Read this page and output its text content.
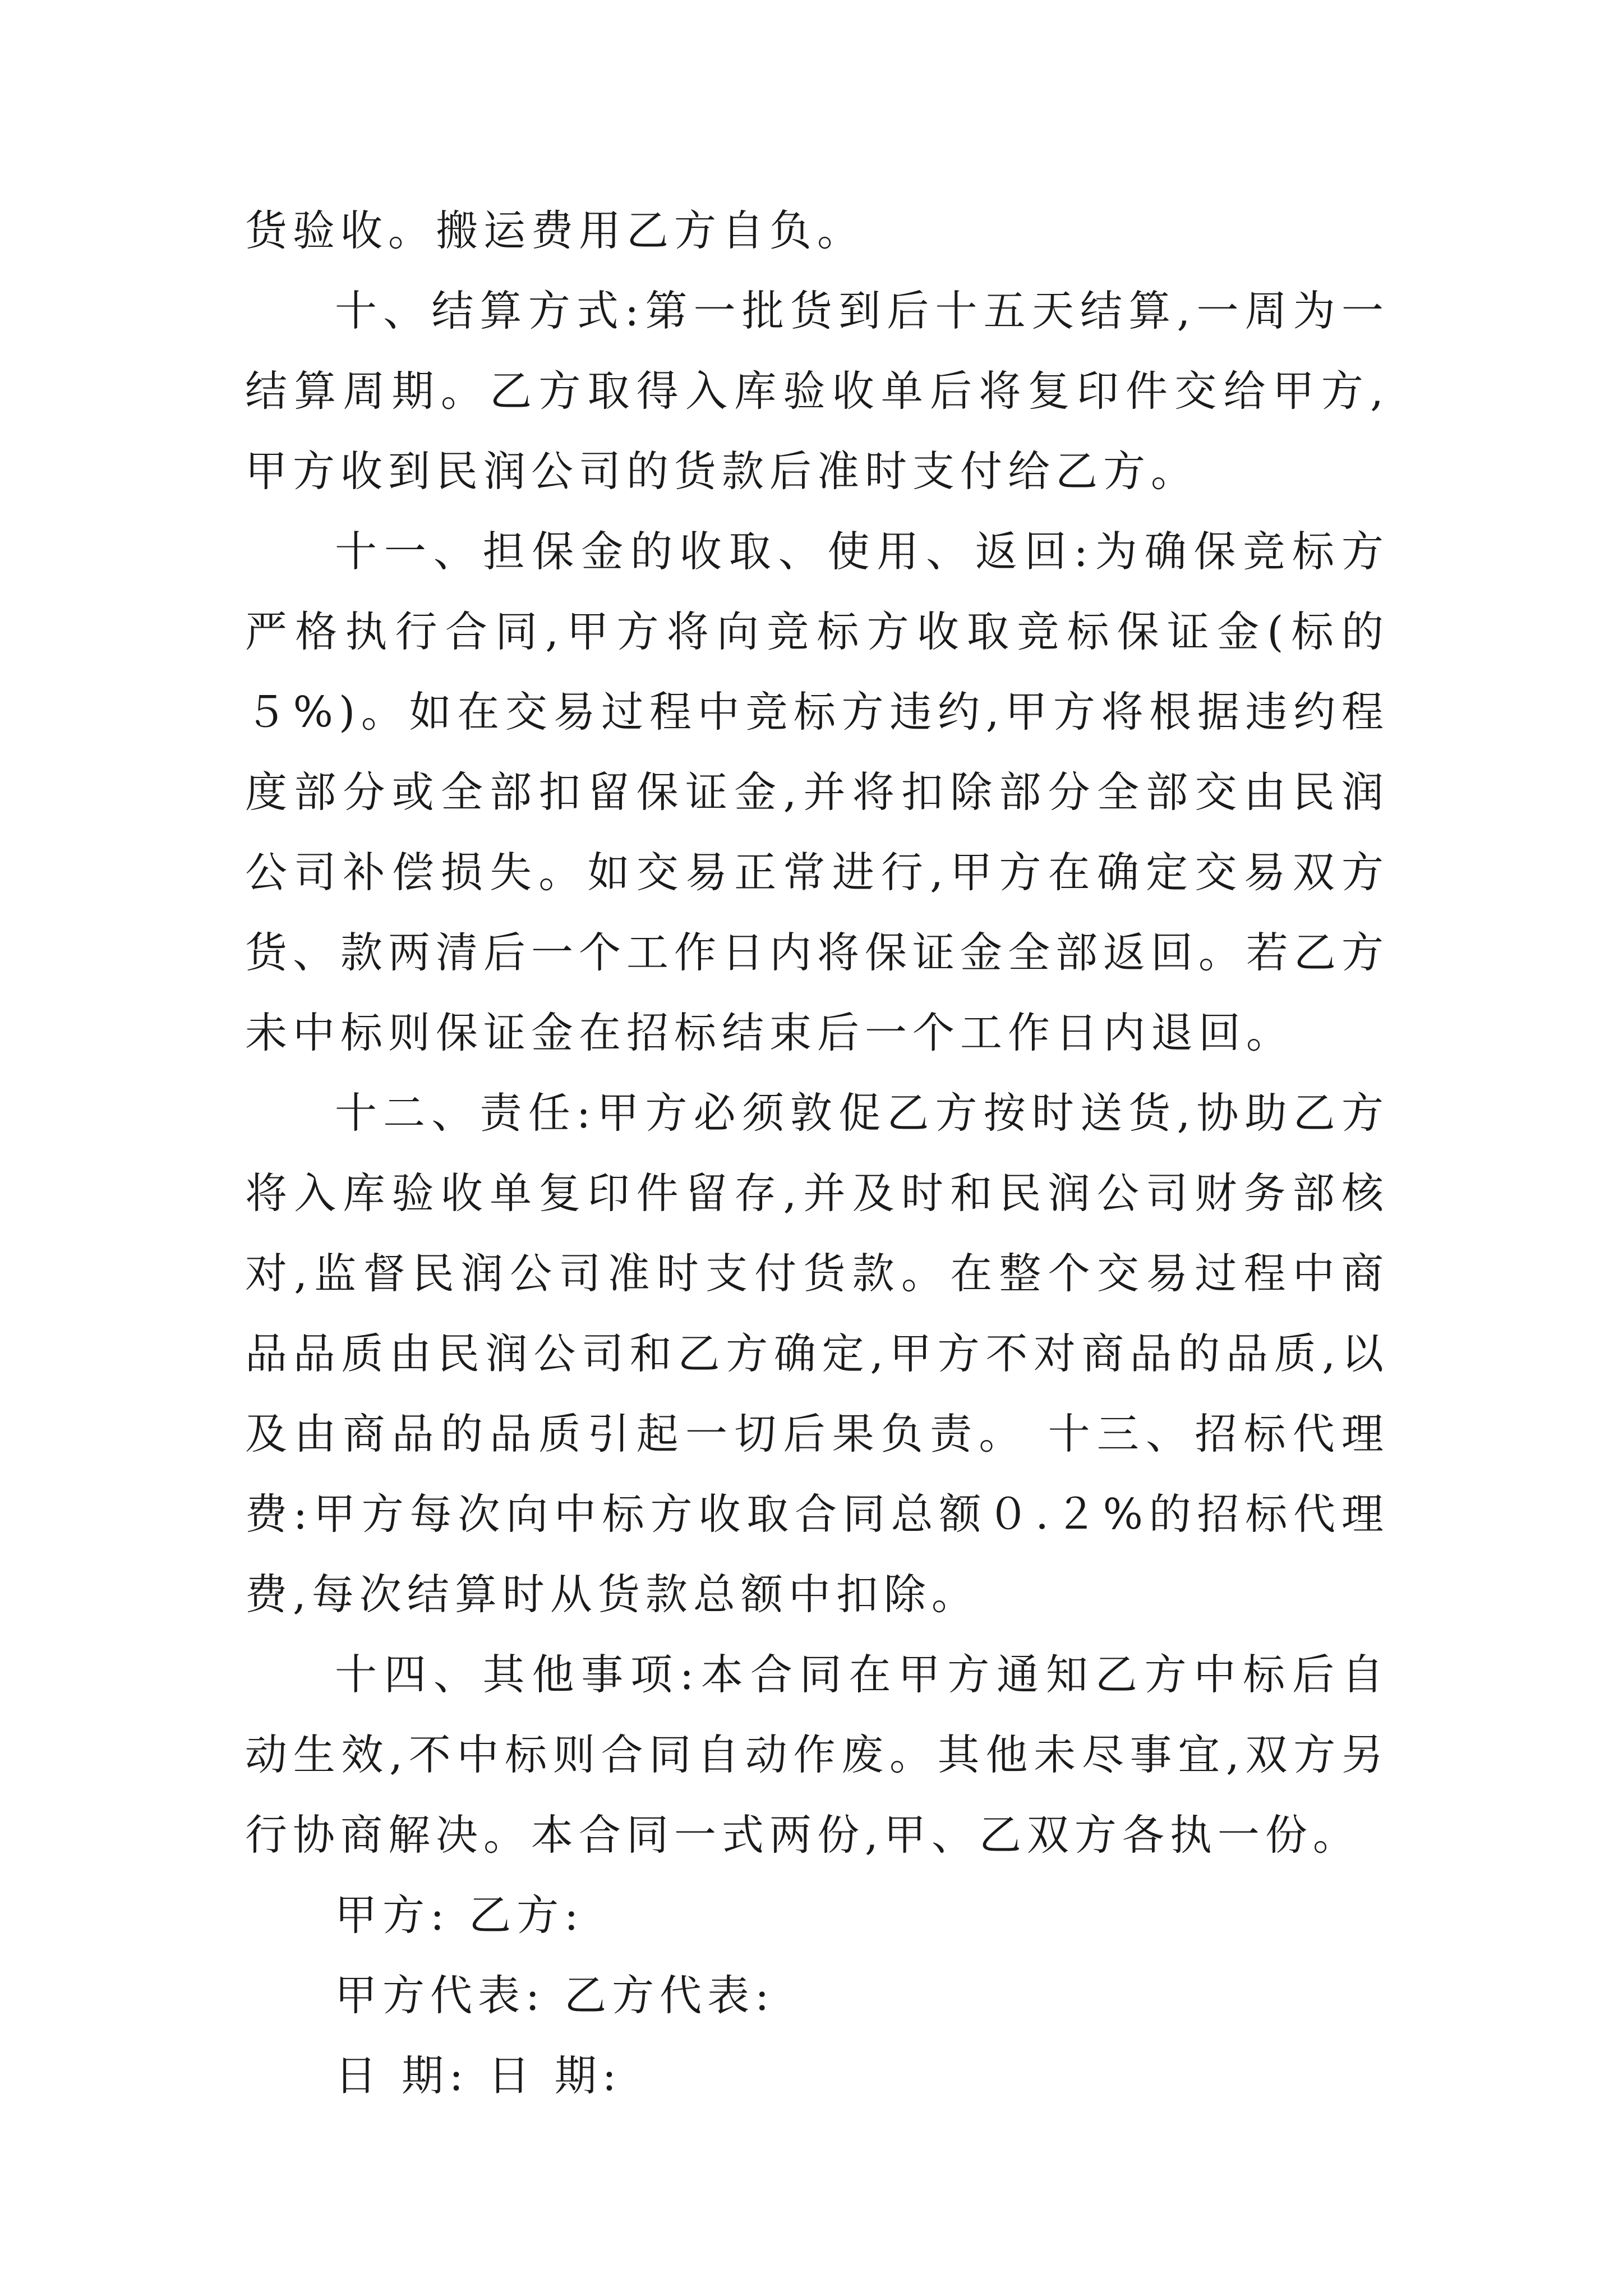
货验收。搬运费用乙方自负。

十、结算方式:第一批货到后十五天结算,一周为一结算周期。乙方取得入库验收单后将复印件交给甲方,甲方收到民润公司的货款后准时支付给乙方。

十一、担保金的收取、使用、返回:为确保竞标方严格执行合同,甲方将向竞标方收取竞标保证金(标的５%)。如在交易过程中竞标方违约,甲方将根据违约程度部分或全部扣留保证金,并将扣除部分全部交由民润公司补偿损失。如交易正常进行,甲方在确定交易双方货、款两清后一个工作日内将保证金全部返回。若乙方未中标则保证金在招标结束后一个工作日内退回。

十二、责任:甲方必须敦促乙方按时送货,协助乙方将入库验收单复印件留存,并及时和民润公司财务部核对,监督民润公司准时支付货款。在整个交易过程中商品品质由民润公司和乙方确定,甲方不对商品的品质,以及由商品的品质引起一切后果负责。 十三、招标代理费:甲方每次向中标方收取合同总额０.２%的招标代理费,每次结算时从货款总额中扣除。

十四、其他事项:本合同在甲方通知乙方中标后自动生效,不中标则合同自动作废。其他未尽事宜,双方另行协商解决。本合同一式两份,甲、乙双方各执一份。

甲方: 乙方:

甲方代表: 乙方代表:

日 期: 日 期:
